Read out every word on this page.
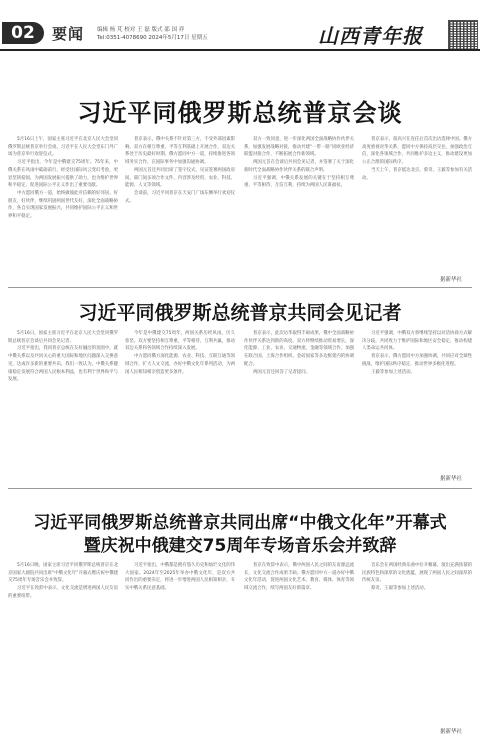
02	要闻 编辑 杨 芃 校对 王 磊 版式 邵 国 祥
Tel:0351-4078690 2024年5月17日 星期五	山西青年报
习近平同俄罗斯总统普京会谈

5月16日上午，国家主席习近平在北京人民大会堂同俄罗斯总统普京举行会谈。习近平在人民大会堂东门外广场为普京举行欢迎仪式。

习近平指出，今年是中俄建交75周年。75年来，中俄关系在风雨中砥砺前行，经受住国际风云变幻考验，更显坚韧稳固，为两国发展振兴提供了助力，也为维护世界和平稳定、促进国际公平正义作出了重要贡献。

中方愿同俄方一道，始终做彼此可信赖的好邻居、好朋友、好伙伴，继续巩固两国世代友好，深化全面战略协作，各自实现国家发展振兴，共同维护国际公平正义和世界和平稳定。

普京表示，俄中关系不针对第三方，不受外部因素影响。双方在相互尊重、平等互利基础上开展合作，双边关系处于历史最好时期。俄方愿同中方一道，持续推进各领域务实合作，在国际事务中加强沟通协调。

两国元首还共同出席了签字仪式，见证签署两国政府间、部门间多项合作文件，内容涉及经贸、农业、科技、能源、人文等领域。

会谈前，习近平同普京在天安门广场东侧举行欢迎仪式。

双方一致同意，进一步深化两国全面战略协作伙伴关系，加强发展战略对接，推动共建“一带一路”同欧亚经济联盟对接合作，不断拓展合作新领域。

两国元首在会谈后共同会见记者，并签署了关于深化新时代全面战略协作伙伴关系的联合声明。

习近平强调，中俄关系发展的关键在于坚持相互尊重、平等相待、互信互利，持续为两国人民谋福祉。

普京表示，很高兴在连任后首次出访选择中国。俄方高度重视对华关系，愿同中方保持高层交往，加强政治互信，深化各领域合作，共同维护多边主义，推动建设更加公正合理的国际秩序。

当天上午，普京抵达北京。蔡奇、王毅等参加有关活动。

据新华社
习近平同俄罗斯总统普京共同会见记者

5月16日，国家主席习近平在北京人民大会堂同俄罗斯总统普京会谈后共同会见记者。

习近平指出，我同普京总统在友好融洽的氛围中，就中俄关系以及共同关心的重大国际和地区问题深入交换意见，达成许多新的重要共识。我们一致认为，中俄关系健康稳定发展符合两国人民根本利益，也有利于世界和平与发展。

今年是中俄建交75周年，两国关系历经风雨，历久弥坚。双方要坚持相互尊重，平等相待，互利共赢，推动双边关系和各领域合作持续深入发展。

中方愿同俄方深化能源、农业、科技、互联互通等领域合作，扩大人文交流，办好中俄文化年系列活动，为两国人民相知相亲创造更多条件。

普京表示，此次访华取得丰硕成果，俄中全面战略协作伙伴关系达到新的高度。双方将继续推动贸易增长，深化能源、工业、农业、交通物流、金融等领域合作，加强在联合国、上海合作组织、金砖国家等多边框架内的协调配合。

两国元首还回答了记者提问。

习近平强调，中俄双方将继续坚持以对话协商方式解决分歧，共同致力于维护国际和地区安全稳定，推动构建人类命运共同体。

普京表示，俄方愿同中方加强协调，共同应对全球性挑战，维护国际秩序稳定，推动世界多极化进程。

王毅等参加上述活动。

据新华社
习近平同俄罗斯总统普京共同出席“中俄文化年”开幕式
暨庆祝中俄建交75周年专场音乐会并致辞

5月16日晚，国家主席习近平同俄罗斯总统普京在北京国家大剧院共同出席“中俄文化年”开幕式暨庆祝中俄建交75周年专场音乐会并致辞。

习近平在致辞中表示，文化交流是增进两国人民友谊的重要纽带。

习近平指出，中俄都是拥有悠久历史和灿烂文化的伟大国家。2024年至2025年举办中俄文化年，是双方共同作出的重要决定，将进一步增进两国人民相知相亲，夯实中俄关系民意基础。

普京在致辞中表示，俄中两国人民之间的友谊源远流长，文化交流合作成果丰硕。俄方愿同中方一道办好中俄文化年活动，促进两国文化艺术、教育、媒体、体育等领域交流合作，续写两国友好新篇章。

音乐会在两国经典乐曲中拉开帷幕，演出充满浓郁的民族特色和深厚的文化底蕴，展现了两国人民之间深厚的传统友谊。

蔡奇、王毅等参加上述活动。

据新华社
